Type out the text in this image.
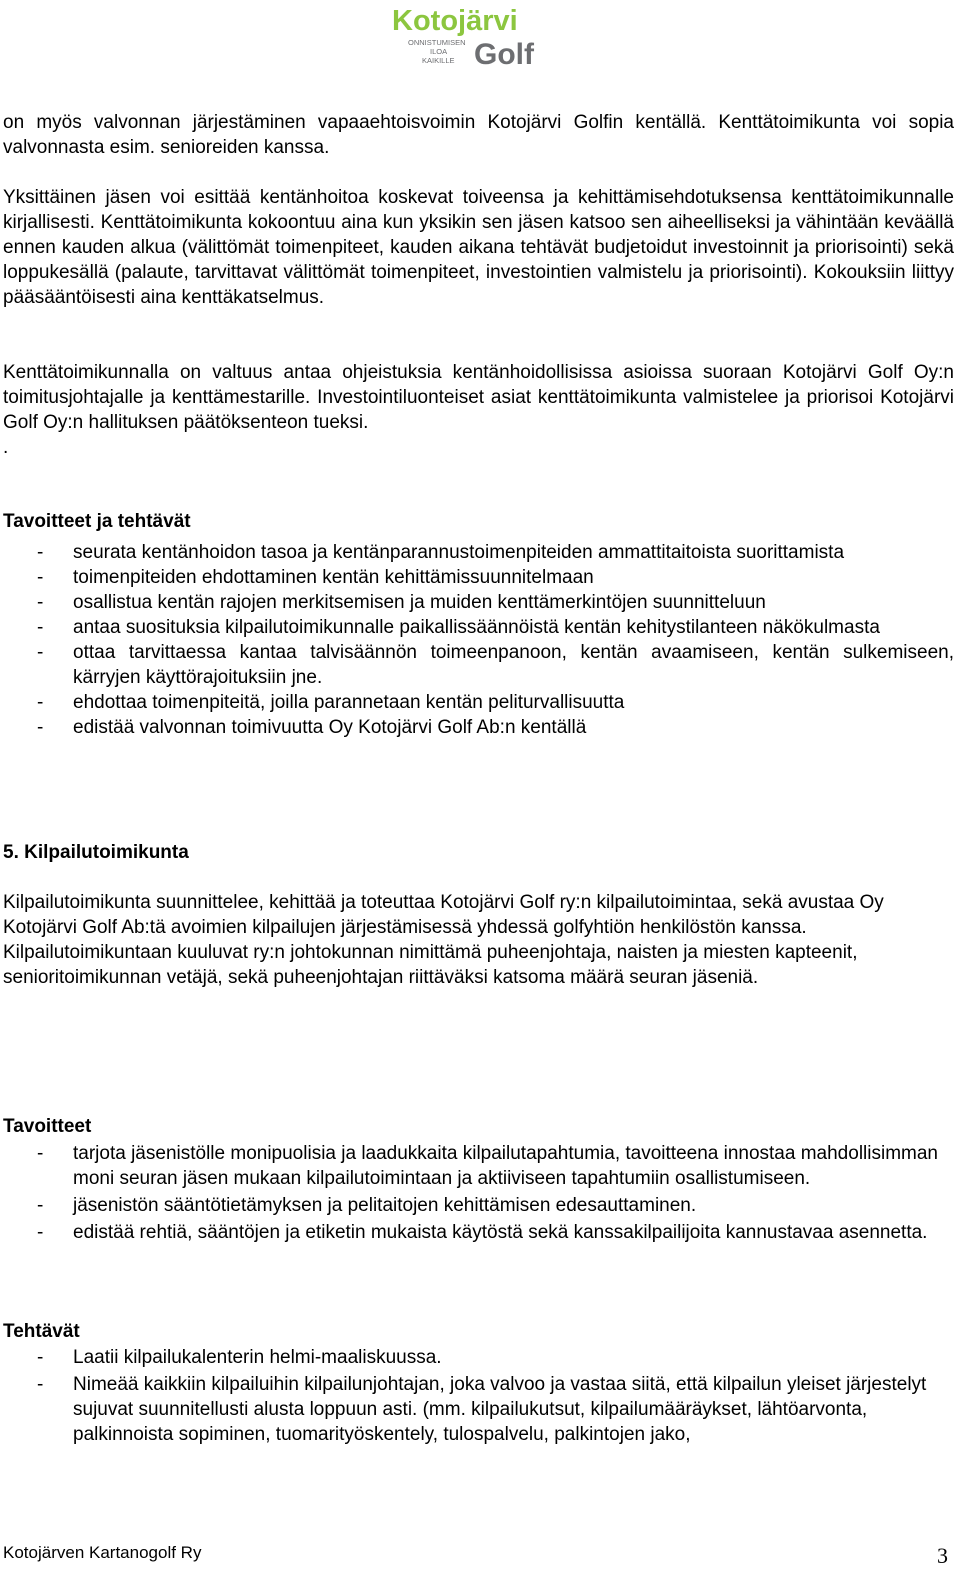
Kotojärvi
ONNISTUMISEN
ILOA
KAIKILLE Golf
on myös valvonnan järjestäminen vapaaehtoisvoimin Kotojärvi Golfin kentällä. Kenttätoimikunta voi sopia valvonnasta esim. senioreiden kanssa.
Yksittäinen jäsen voi esittää kentänhoitoa koskevat toiveensa ja kehittämisehdotuksensa kenttätoimikunnalle kirjallisesti. Kenttätoimikunta kokoontuu aina kun yksikin sen jäsen katsoo sen aiheelliseksi ja vähintään keväällä ennen kauden alkua (välittömät toimenpiteet, kauden aikana tehtävät budjetoidut investoinnit ja priorisointi) sekä loppukesällä (palaute, tarvittavat välittömät toimenpiteet, investointien valmistelu ja priorisointi). Kokouksiin liittyy pääsääntöisesti aina kenttäkatselmus.
Kenttätoimikunnalla on valtuus antaa ohjeistuksia kentänhoidollisissa asioissa suoraan Kotojärvi Golf Oy:n toimitusjohtajalle ja kenttämestarille. Investointiluonteiset asiat kenttätoimikunta valmistelee ja priorisoi Kotojärvi Golf Oy:n hallituksen päätöksenteon tueksi.
.
Tavoitteet ja tehtävät
- seurata kentänhoidon tasoa ja kentänparannustoimenpiteiden ammattitaitoista suorittamista
- toimenpiteiden ehdottaminen kentän kehittämissuunnitelmaan
- osallistua kentän rajojen merkitsemisen ja muiden kenttämerkintöjen suunnitteluun
- antaa suosituksia kilpailutoimikunnalle paikallissäännöistä kentän kehitystilanteen näkökulmasta
- ottaa tarvittaessa kantaa talvisäännön toimeenpanoon, kentän avaamiseen, kentän sulkemiseen, kärryjen käyttörajoituksiin jne.
- ehdottaa toimenpiteitä, joilla parannetaan kentän peliturvallisuutta
- edistää valvonnan toimivuutta Oy Kotojärvi Golf Ab:n kentällä
5. Kilpailutoimikunta
Kilpailutoimikunta suunnittelee, kehittää ja toteuttaa Kotojärvi Golf ry:n kilpailutoimintaa, sekä avustaa Oy Kotojärvi Golf Ab:tä avoimien kilpailujen järjestämisessä yhdessä golfyhtiön henkilöstön kanssa. Kilpailutoimikuntaan kuuluvat ry:n johtokunnan nimittämä puheenjohtaja, naisten ja miesten kapteenit, senioritoimikunnan vetäjä, sekä puheenjohtajan riittäväksi katsoma määrä seuran jäseniä.
Tavoitteet
- tarjota jäsenistölle monipuolisia ja laadukkaita kilpailutapahtumia, tavoitteena innostaa mahdollisimman moni seuran jäsen mukaan kilpailutoimintaan ja aktiiviseen tapahtumiin osallistumiseen.
- jäsenistön sääntötietämyksen ja pelitaitojen kehittämisen edesauttaminen.
- edistää rehtiä, sääntöjen ja etiketin mukaista käytöstä sekä kanssakilpailijoita kannustavaa asennetta.
Tehtävät
- Laatii kilpailukalenterin helmi-maaliskuussa.
- Nimeää kaikkiin kilpailuihin kilpailunjohtajan, joka valvoo ja vastaa siitä, että kilpailun yleiset järjestelyt sujuvat suunnitellusti alusta loppuun asti. (mm. kilpailukutsut, kilpailumääräykset, lähtöarvonta, palkinnoista sopiminen, tuomarityöskentely, tulospalvelu, palkintojen jako,
Kotojärven Kartanogolf Ry	3
